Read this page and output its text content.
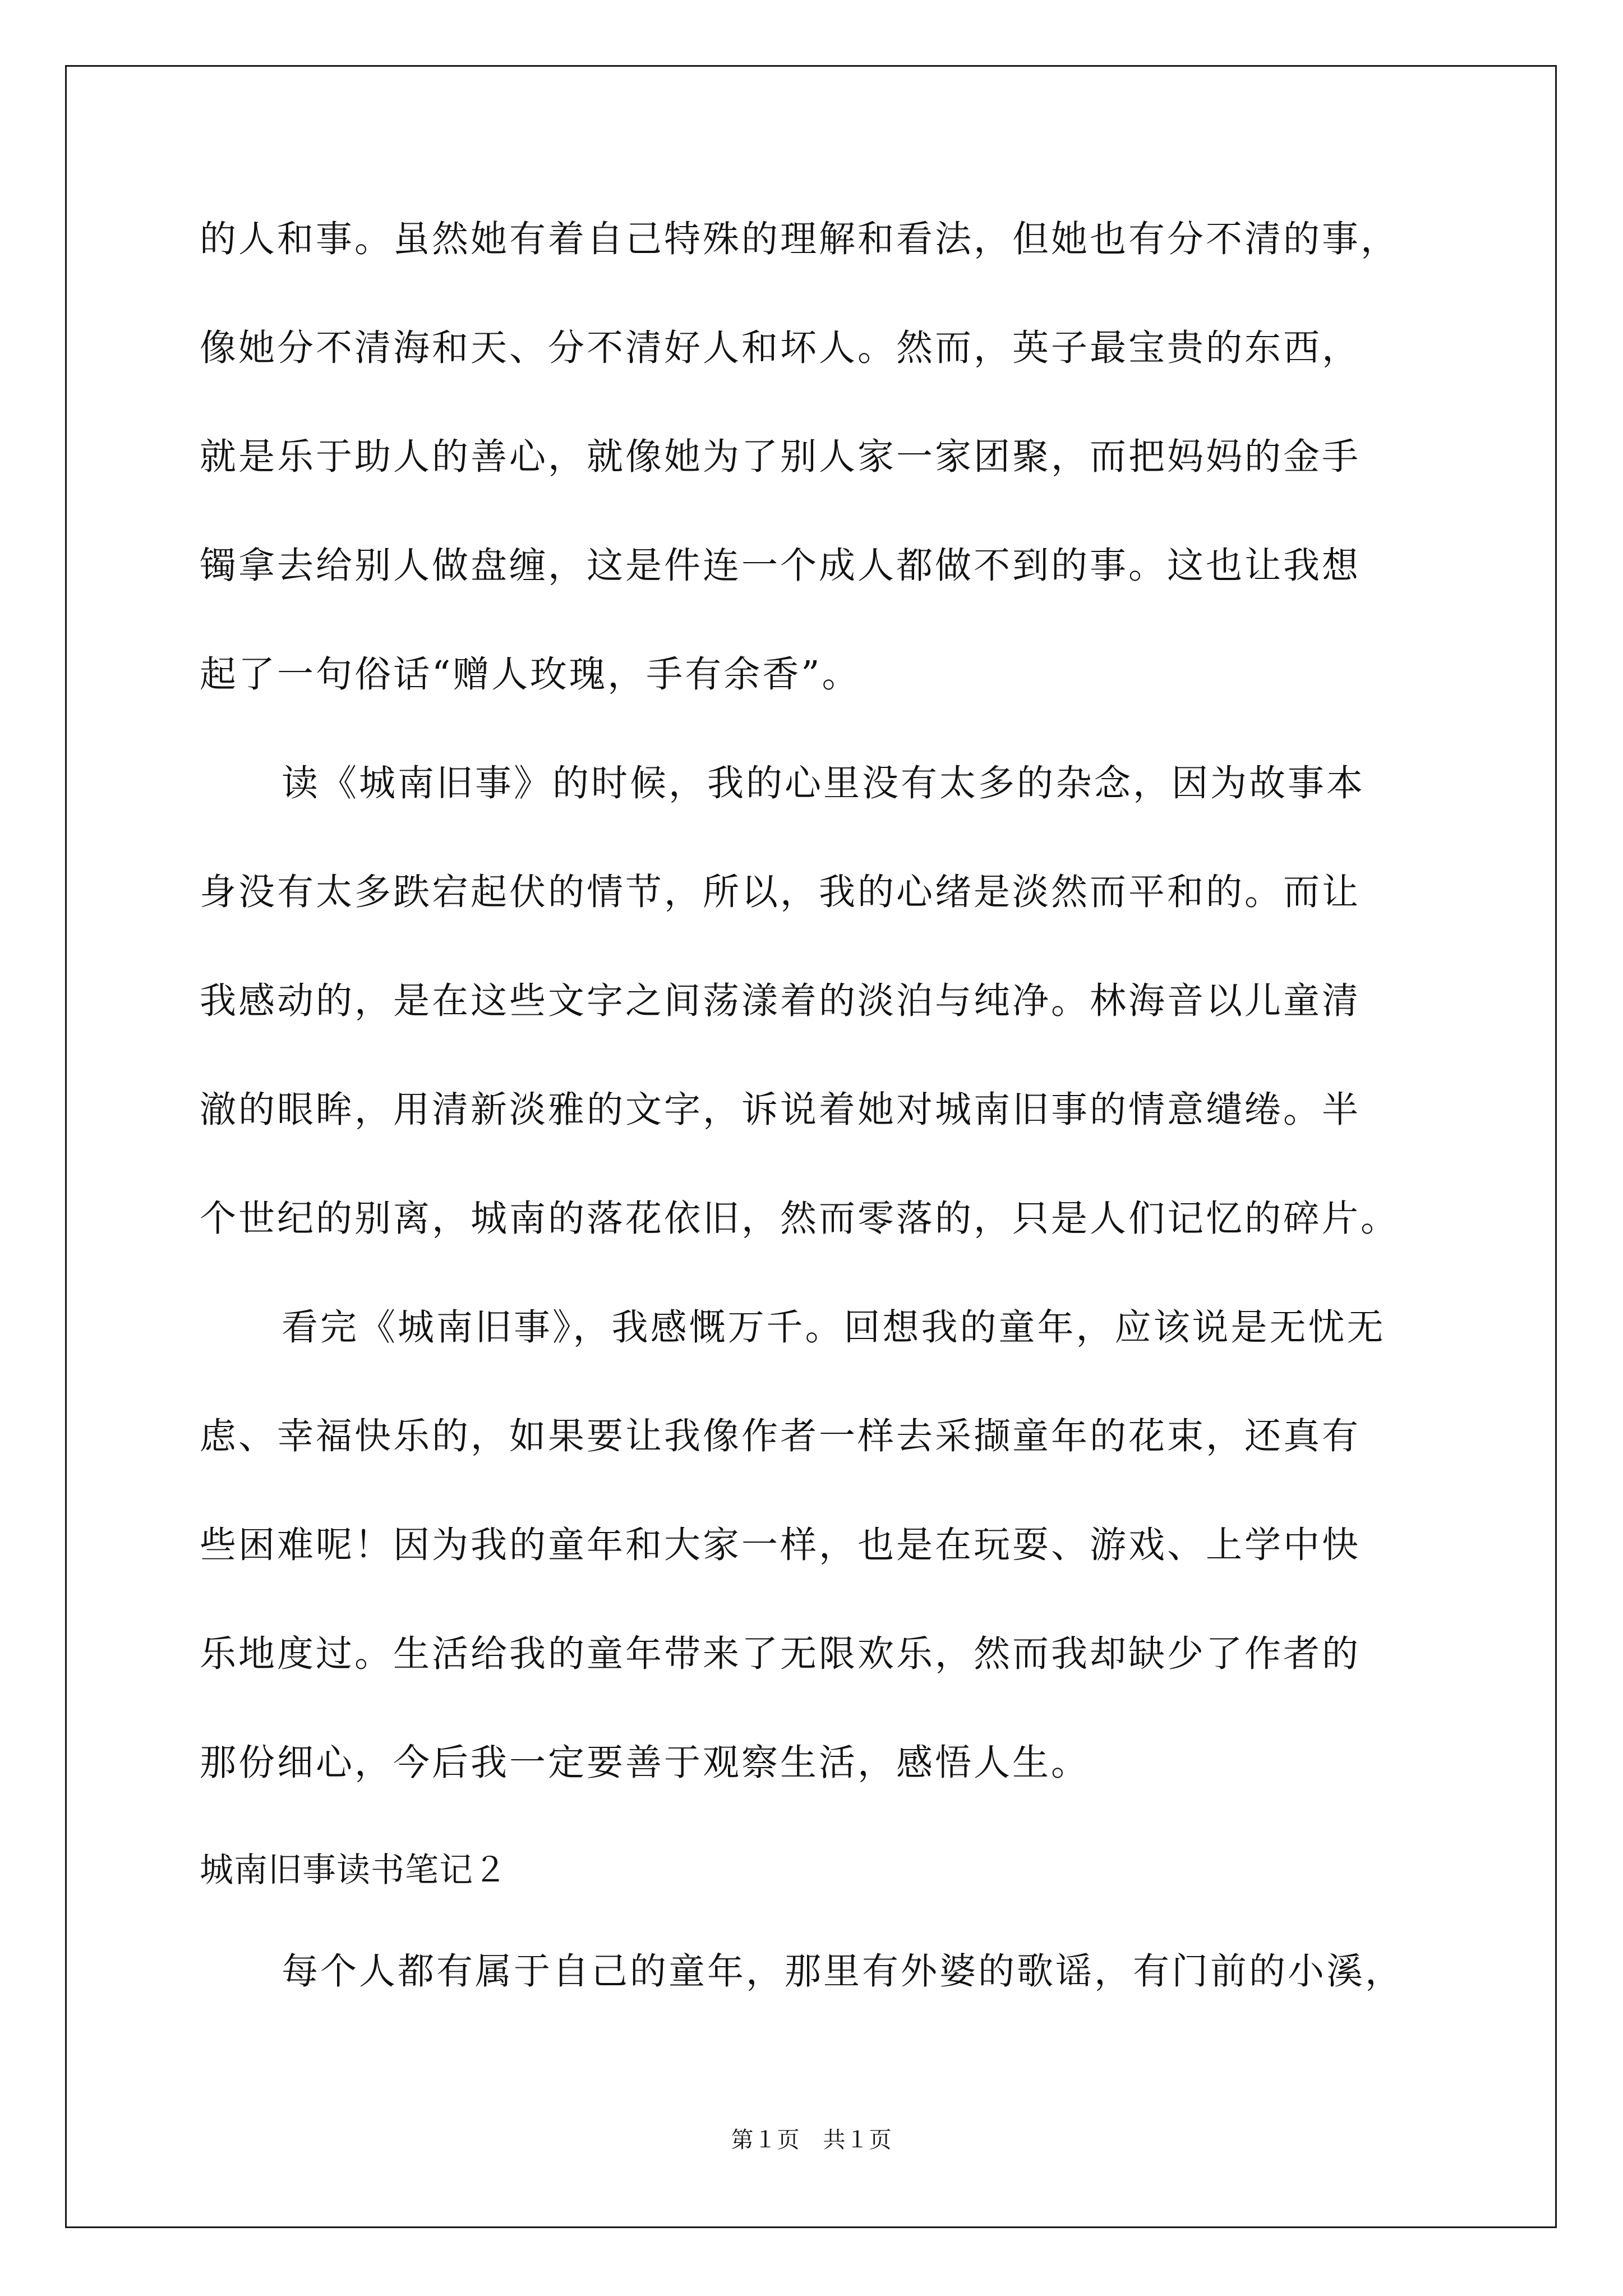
的人和事。虽然她有着自己特殊的理解和看法，但她也有分不清的事，
像她分不清海和天、分不清好人和坏人。然而，英子最宝贵的东西，
就是乐于助人的善心，就像她为了别人家一家团聚，而把妈妈的金手
镯拿去给别人做盘缠，这是件连一个成人都做不到的事。这也让我想
起了一句俗话“赠人玫瑰，手有余香”。
读《城南旧事》的时候，我的心里没有太多的杂念，因为故事本
身没有太多跌宕起伏的情节，所以，我的心绪是淡然而平和的。而让
我感动的，是在这些文字之间荡漾着的淡泊与纯净。林海音以儿童清
澈的眼眸，用清新淡雅的文字，诉说着她对城南旧事的情意缱绻。半
个世纪的别离，城南的落花依旧，然而零落的，只是人们记忆的碎片。
看完《城南旧事》，我感慨万千。回想我的童年，应该说是无忧无
虑、幸福快乐的，如果要让我像作者一样去采撷童年的花束，还真有
些困难呢！因为我的童年和大家一样，也是在玩耍、游戏、上学中快
乐地度过。生活给我的童年带来了无限欢乐，然而我却缺少了作者的
那份细心，今后我一定要善于观察生活，感悟人生。
城南旧事读书笔记２
每个人都有属于自己的童年，那里有外婆的歌谣，有门前的小溪，
第１页　共１页
